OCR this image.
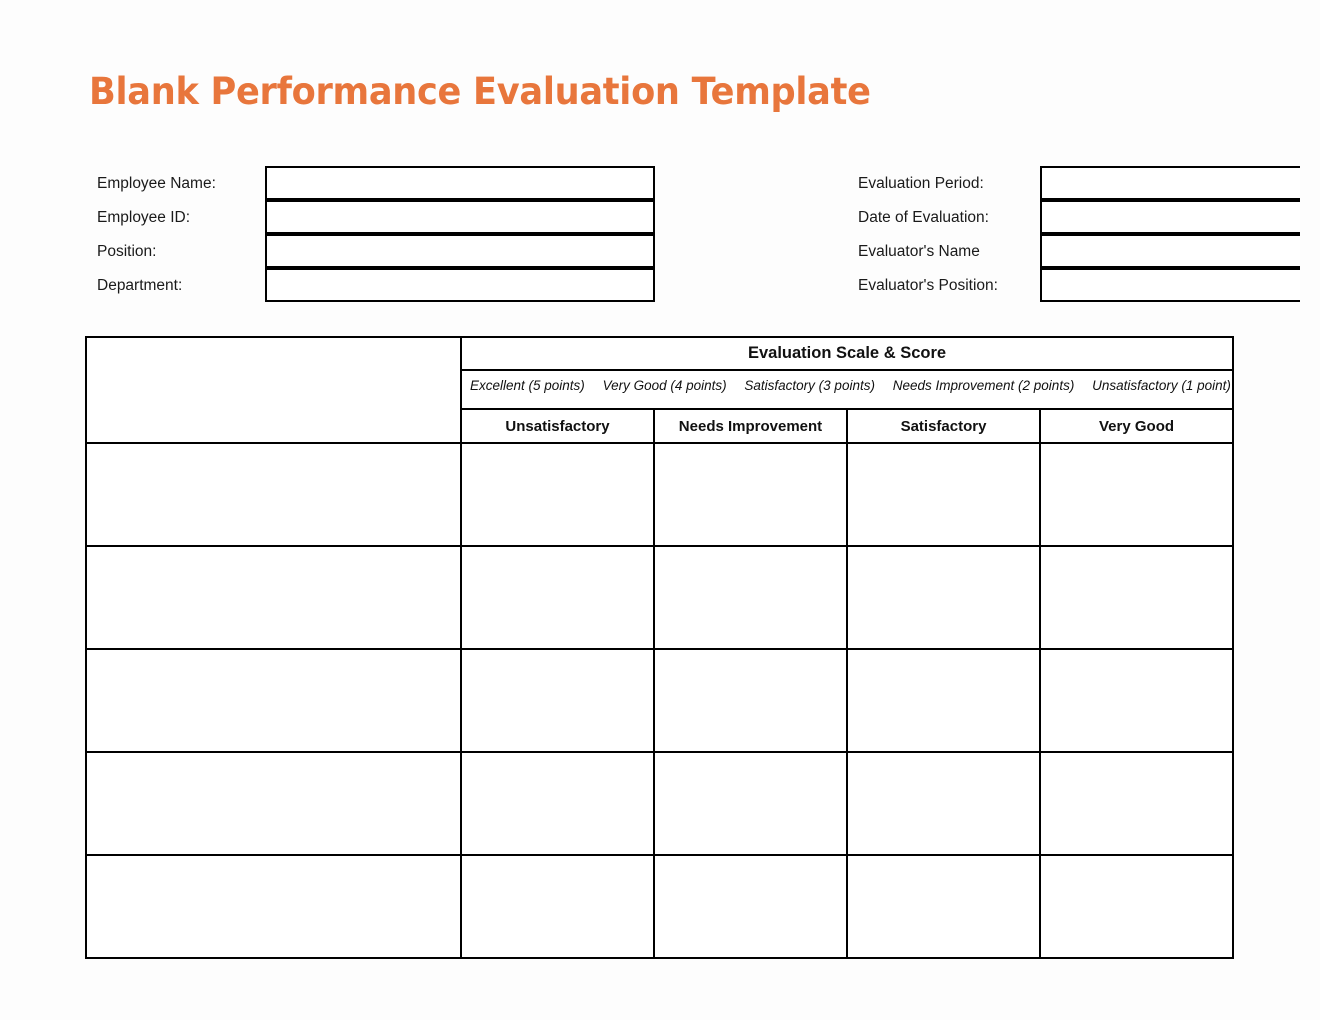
Blank Performance Evaluation Template
Employee Name:
Employee ID:
Position:
Department:
Evaluation Period:
Date of Evaluation:
Evaluator's Name
Evaluator's Position:
Performance Criteria	Evaluation Scale & Score			

	Excellent (5 points) Very Good (4 points) Satisfactory (3 points) Needs Improvement (2 points) Unsatisfactory (1 point)			

	Unsatisfactory	Needs Improvement	Satisfactory	Very Good
